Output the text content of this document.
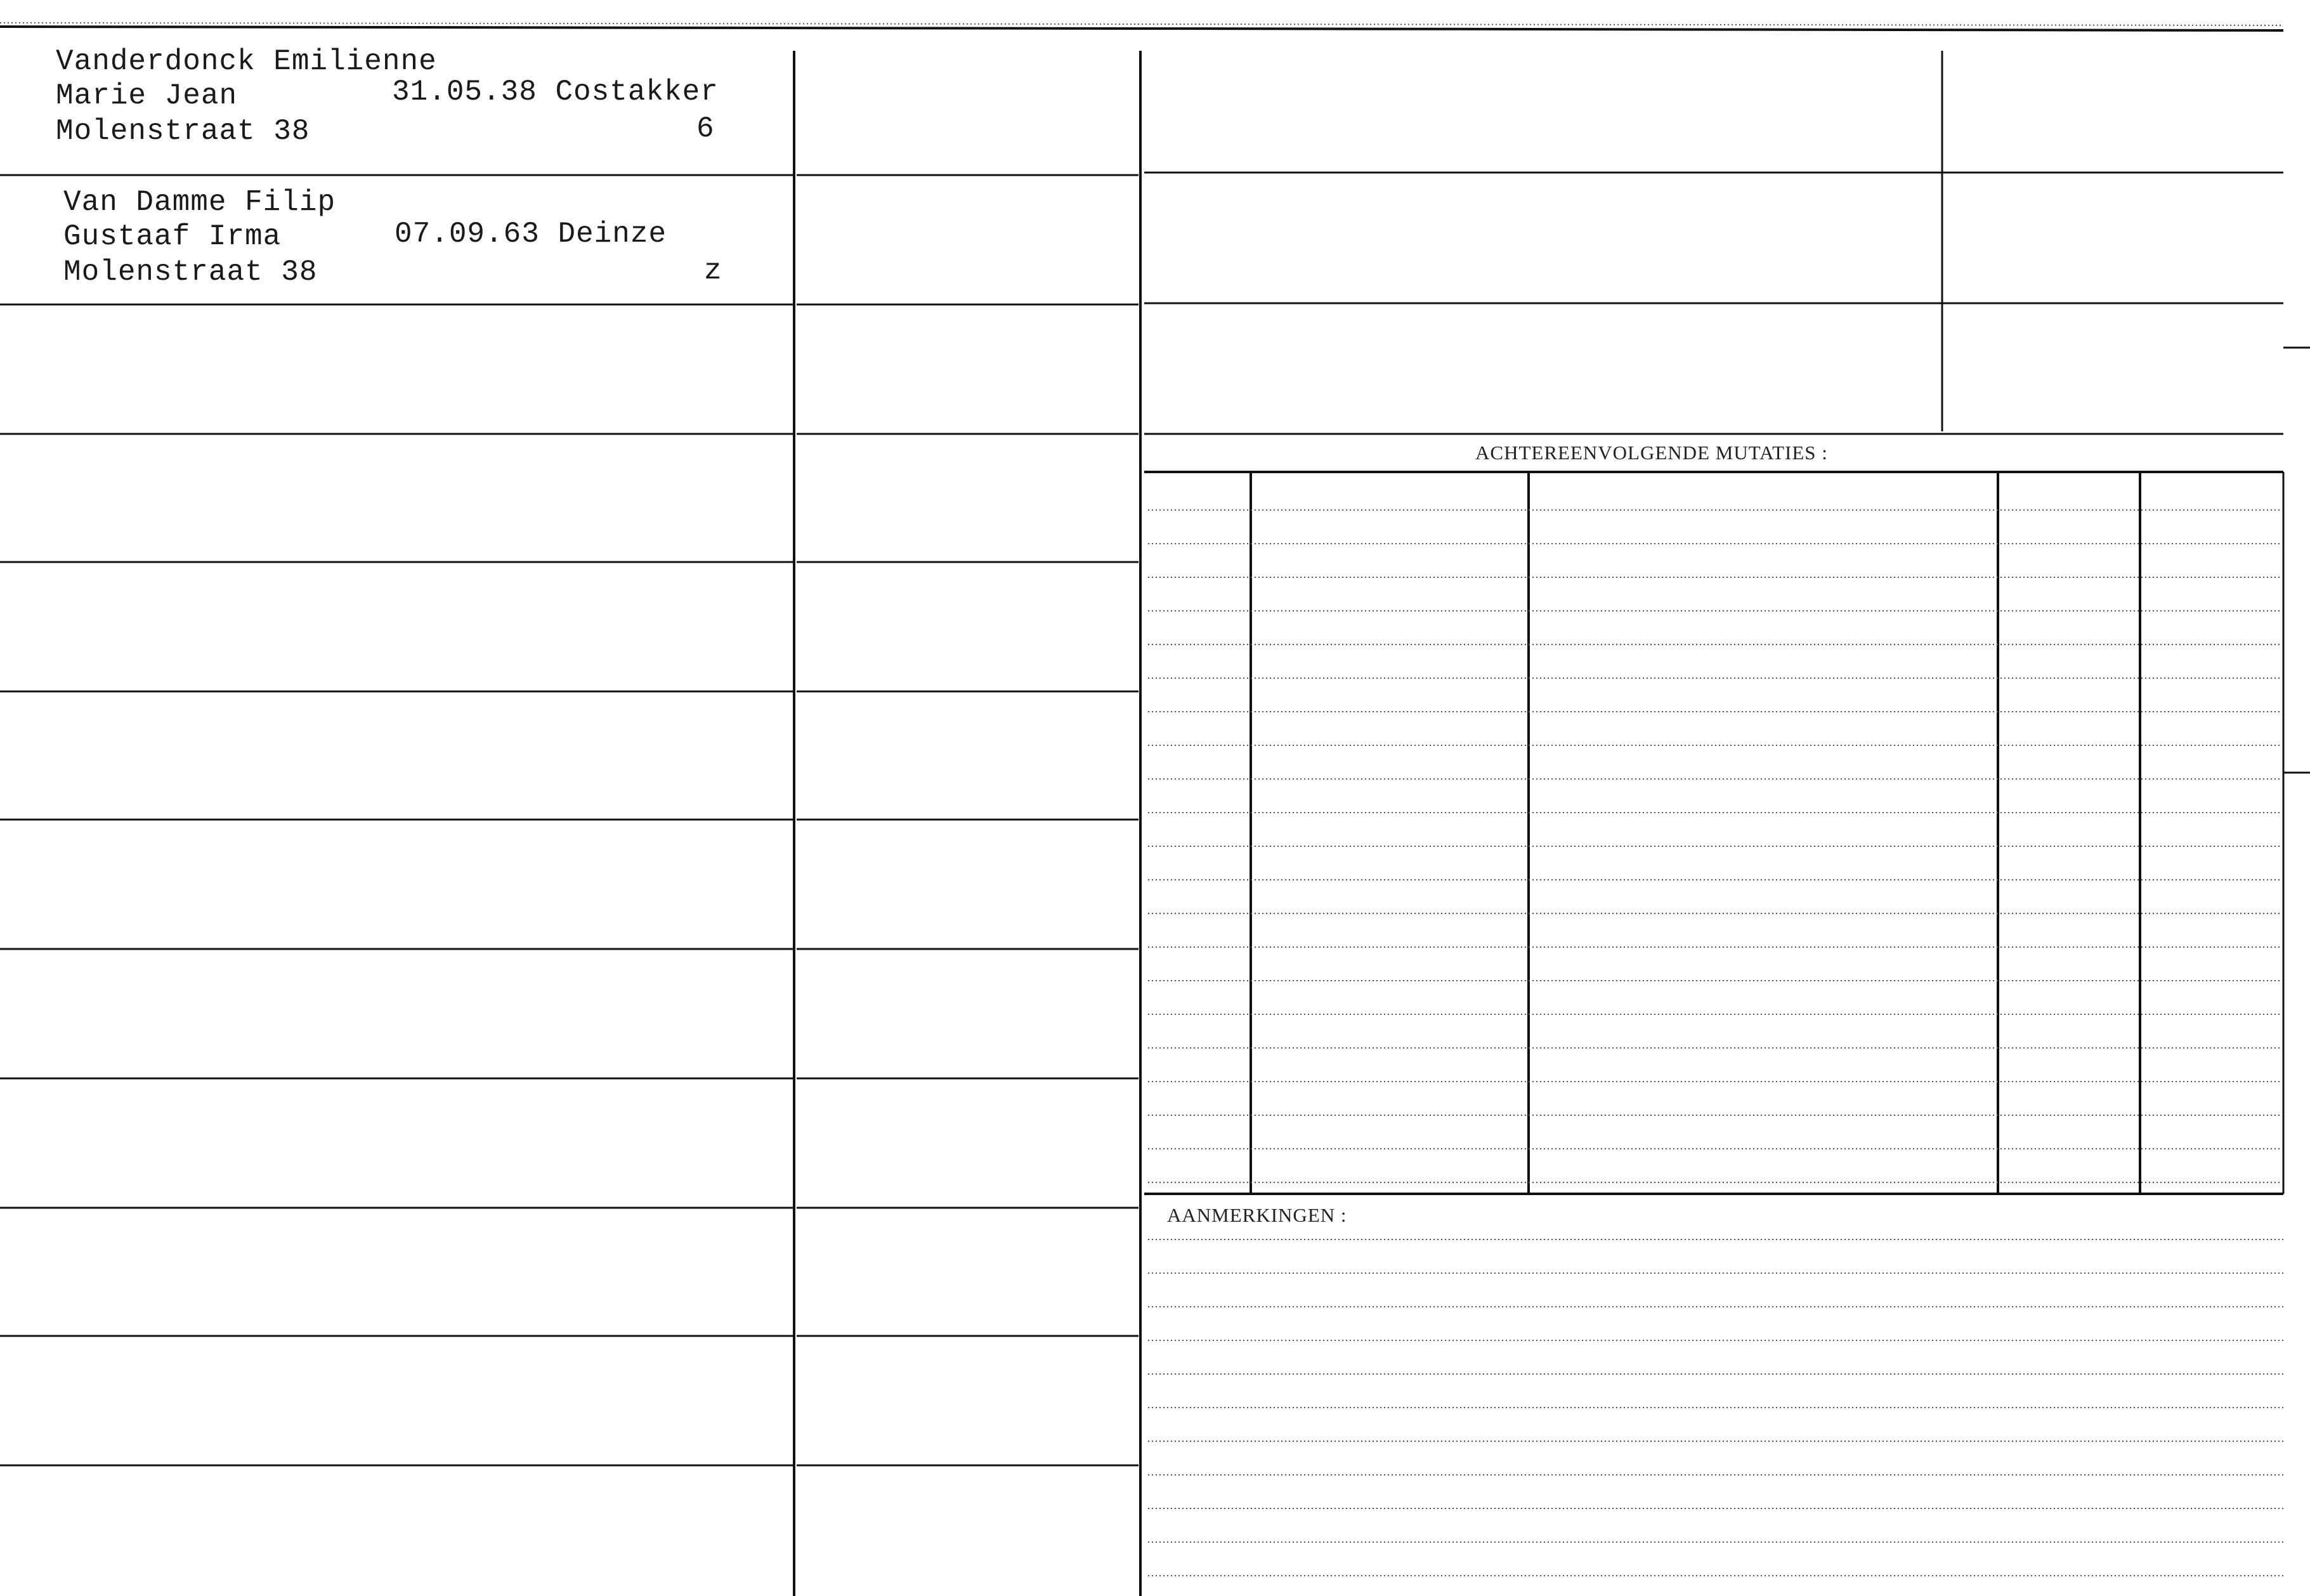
Vanderdonck Emilienne
Marie Jean	31.05.38 Costakker
Molenstraat 38	6
Van Damme Filip
Gustaaf Irma	07.09.63 Deinze
Molenstraat 38	z
ACHTEREENVOLGENDE MUTATIES :
AANMERKINGEN :
